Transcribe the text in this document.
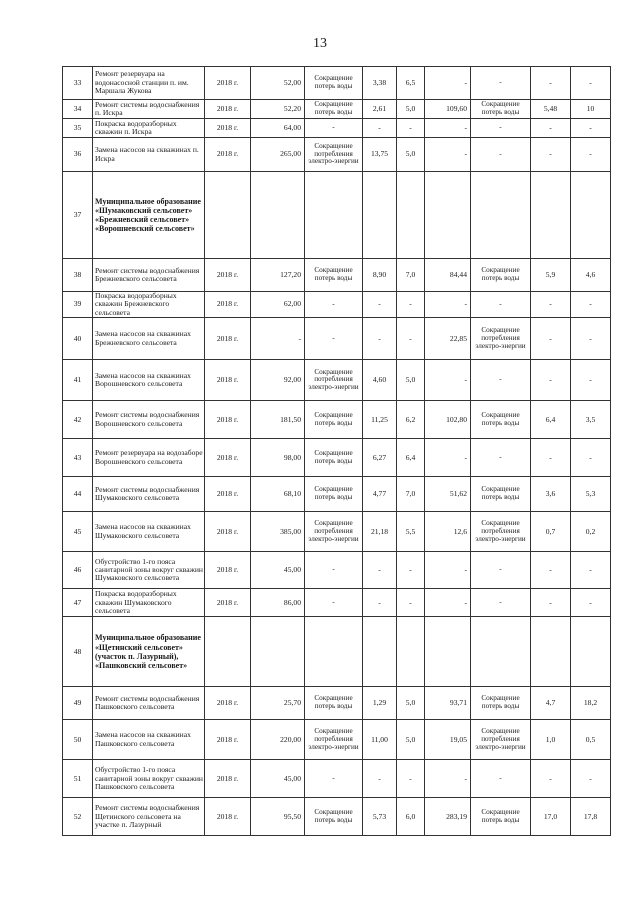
13
33	Ремонт резервуара на водонасосной станции п. им. Маршала Жукова	2018 г.	52,00	Сокращение потерь воды	3,38	6,5	-	-	-	-
34	Ремонт системы водоснабжения п. Искра	2018 г.	52,20	Сокращение потерь воды	2,61	5,0	109,60	Сокращение потерь воды	5,48	10
35	Покраска водоразборных скважин п. Искра	2018 г.	64,00	-	-	-	-	-	-	-
36	Замена насосов на скважинах п. Искра	2018 г.	265,00	Сокращение потребления электро-энергии	13,75	5,0	-	-	-	-
37	Муниципальное образование «Шумаковский сельсовет» «Брежневский сельсовет» «Ворошневский сельсовет»									
38	Ремонт системы водоснабжения Брежневского сельсовета	2018 г.	127,20	Сокращение потерь воды	8,90	7,0	84,44	Сокращение потерь воды	5,9	4,6
39	Покраска водоразборных скважин Брежневского сельсовета	2018 г.	62,00	-	-	-	-	-	-	-
40	Замена насосов на скважинах Брежневского сельсовета	2018 г.	-	-	-	-	22,85	Сокращение потребления электро-энергии	-	-
41	Замена насосов на скважинах Ворошневского сельсовета	2018 г.	92,00	Сокращение потребления электро-энергии	4,60	5,0	-	-	-	-
42	Ремонт системы водоснабжения Ворошневского сельсовета	2018 г.	181,50	Сокращение потерь воды	11,25	6,2	102,80	Сокращение потерь воды	6,4	3,5
43	Ремонт резервуара на водозаборе Ворошневского сельсовета	2018 г.	98,00	Сокращение потерь воды	6,27	6,4	-	-	-	-
44	Ремонт системы водоснабжения Шумаковского сельсовета	2018 г.	68,10	Сокращение потерь воды	4,77	7,0	51,62	Сокращение потерь воды	3,6	5,3
45	Замена насосов на скважинах Шумаковского сельсовета	2018 г.	385,00	Сокращение потребления электро-энергии	21,18	5,5	12,6	Сокращение потребления электро-энергии	0,7	0,2
46	Обустройство 1-го пояса санитарной зоны вокруг скважин Шумаковского сельсовета	2018 г.	45,00	-	-	-	-	-	-	-
47	Покраска водоразборных скважин Шумаковского сельсовета	2018 г.	86,00	-	-	-	-	-	-	-
48	Муниципальное образование «Щетинский сельсовет» (участок п. Лазурный), «Пашковский сельсовет»									
49	Ремонт системы водоснабжения Пашковского сельсовета	2018 г.	25,70	Сокращение потерь воды	1,29	5,0	93,71	Сокращение потерь воды	4,7	18,2
50	Замена насосов на скважинах Пашковского сельсовета	2018 г.	220,00	Сокращение потребления электро-энергии	11,00	5,0	19,05	Сокращение потребления электро-энергии	1,0	0,5
51	Обустройство 1-го пояса санитарной зоны вокруг скважин Пашковского сельсовета	2018 г.	45,00	-	-	-	-	-	-	-
52	Ремонт системы водоснабжения Щетинского сельсовета на участке п. Лазурный	2018 г.	95,50	Сокращение потерь воды	5,73	6,0	283,19	Сокращение потерь воды	17,0	17,8
